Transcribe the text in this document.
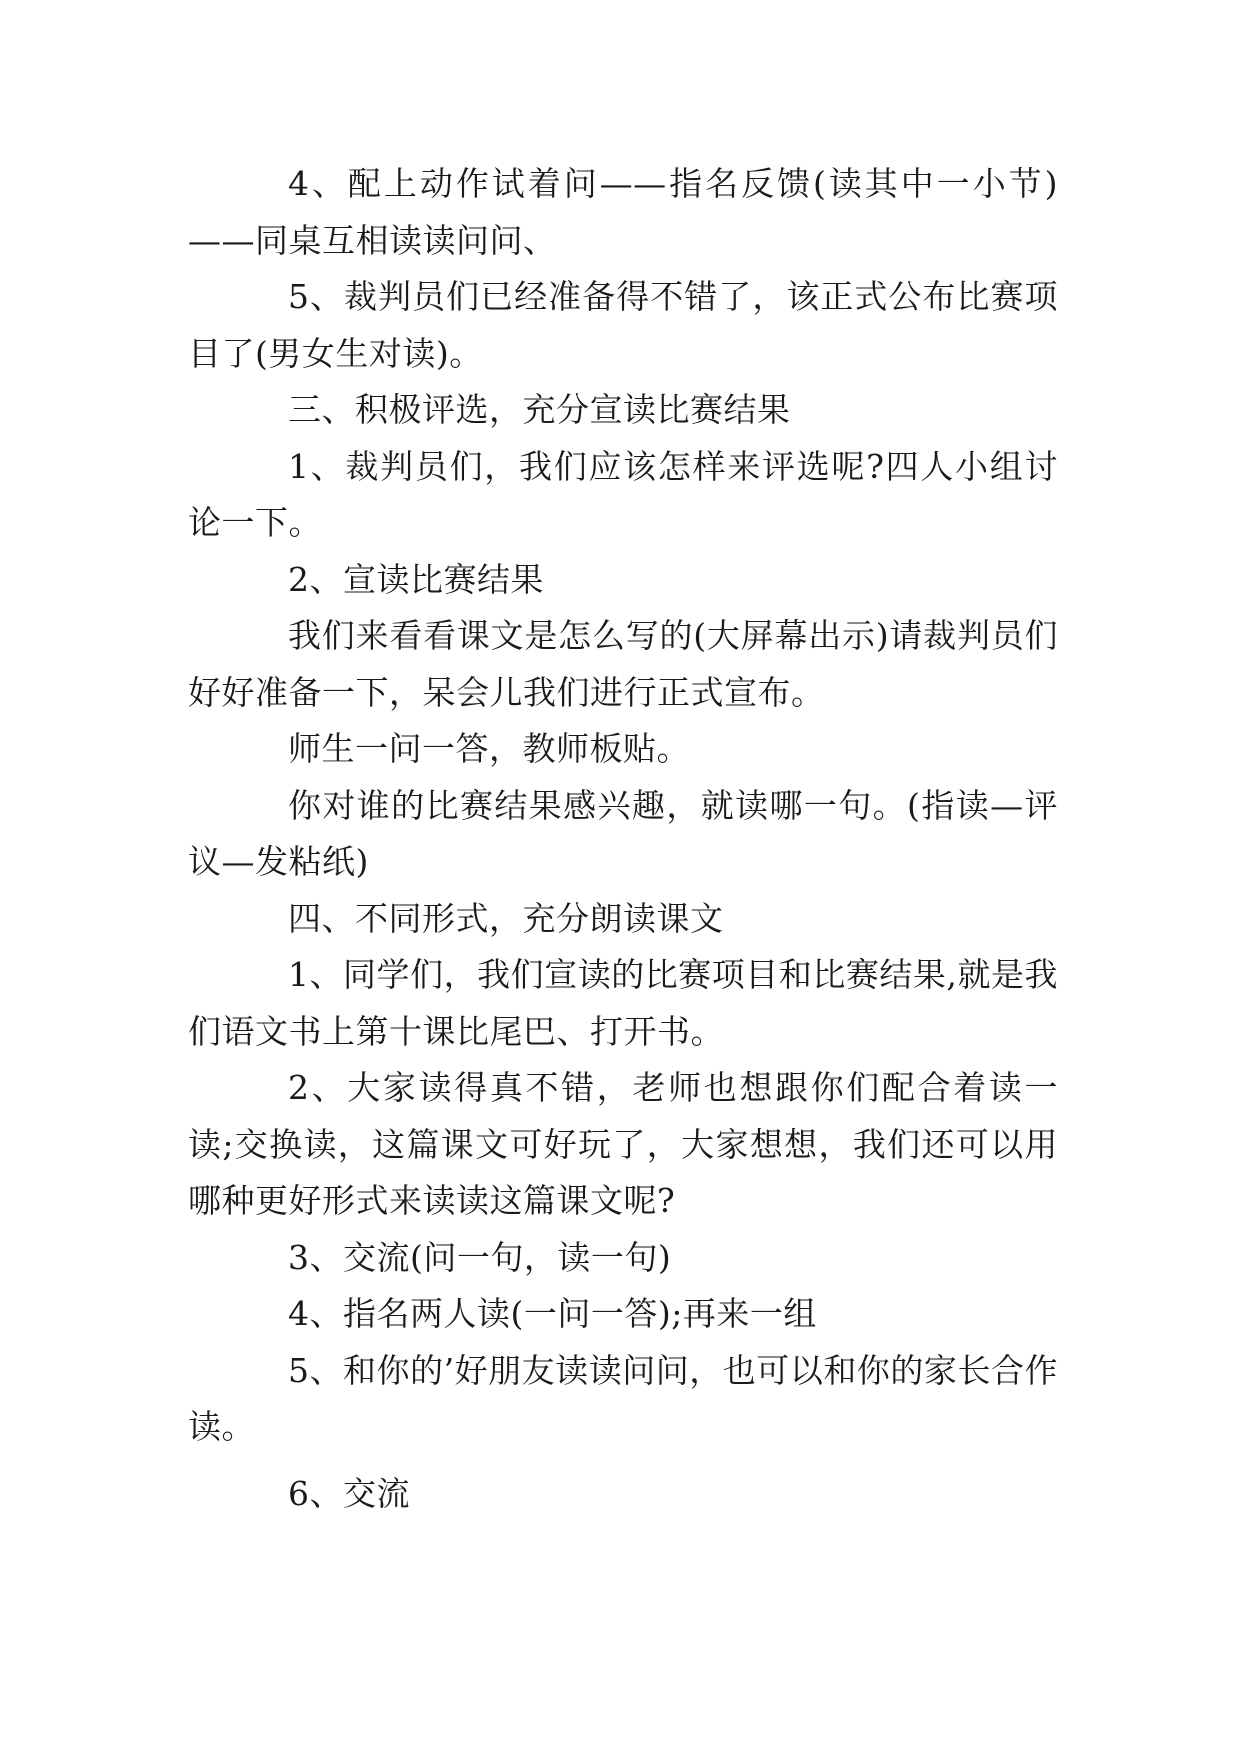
4、配上动作试着问——指名反馈(读其中一小节)——同桌互相读读问问、

5、裁判员们已经准备得不错了，该正式公布比赛项目了(男女生对读)。

三、积极评选，充分宣读比赛结果

1、裁判员们，我们应该怎样来评选呢?四人小组讨论一下。

2、宣读比赛结果

我们来看看课文是怎么写的(大屏幕出示)请裁判员们好好准备一下，呆会儿我们进行正式宣布。

师生一问一答，教师板贴。

你对谁的比赛结果感兴趣，就读哪一句。(指读—评议—发粘纸)

四、不同形式，充分朗读课文

1、同学们，我们宣读的比赛项目和比赛结果,就是我们语文书上第十课比尾巴、打开书。

2、大家读得真不错，老师也想跟你们配合着读一读;交换读，这篇课文可好玩了，大家想想，我们还可以用哪种更好形式来读读这篇课文呢?

3、交流(问一句，读一句)

4、指名两人读(一问一答);再来一组

5、和你的’好朋友读读问问，也可以和你的家长合作读。

6、交流
